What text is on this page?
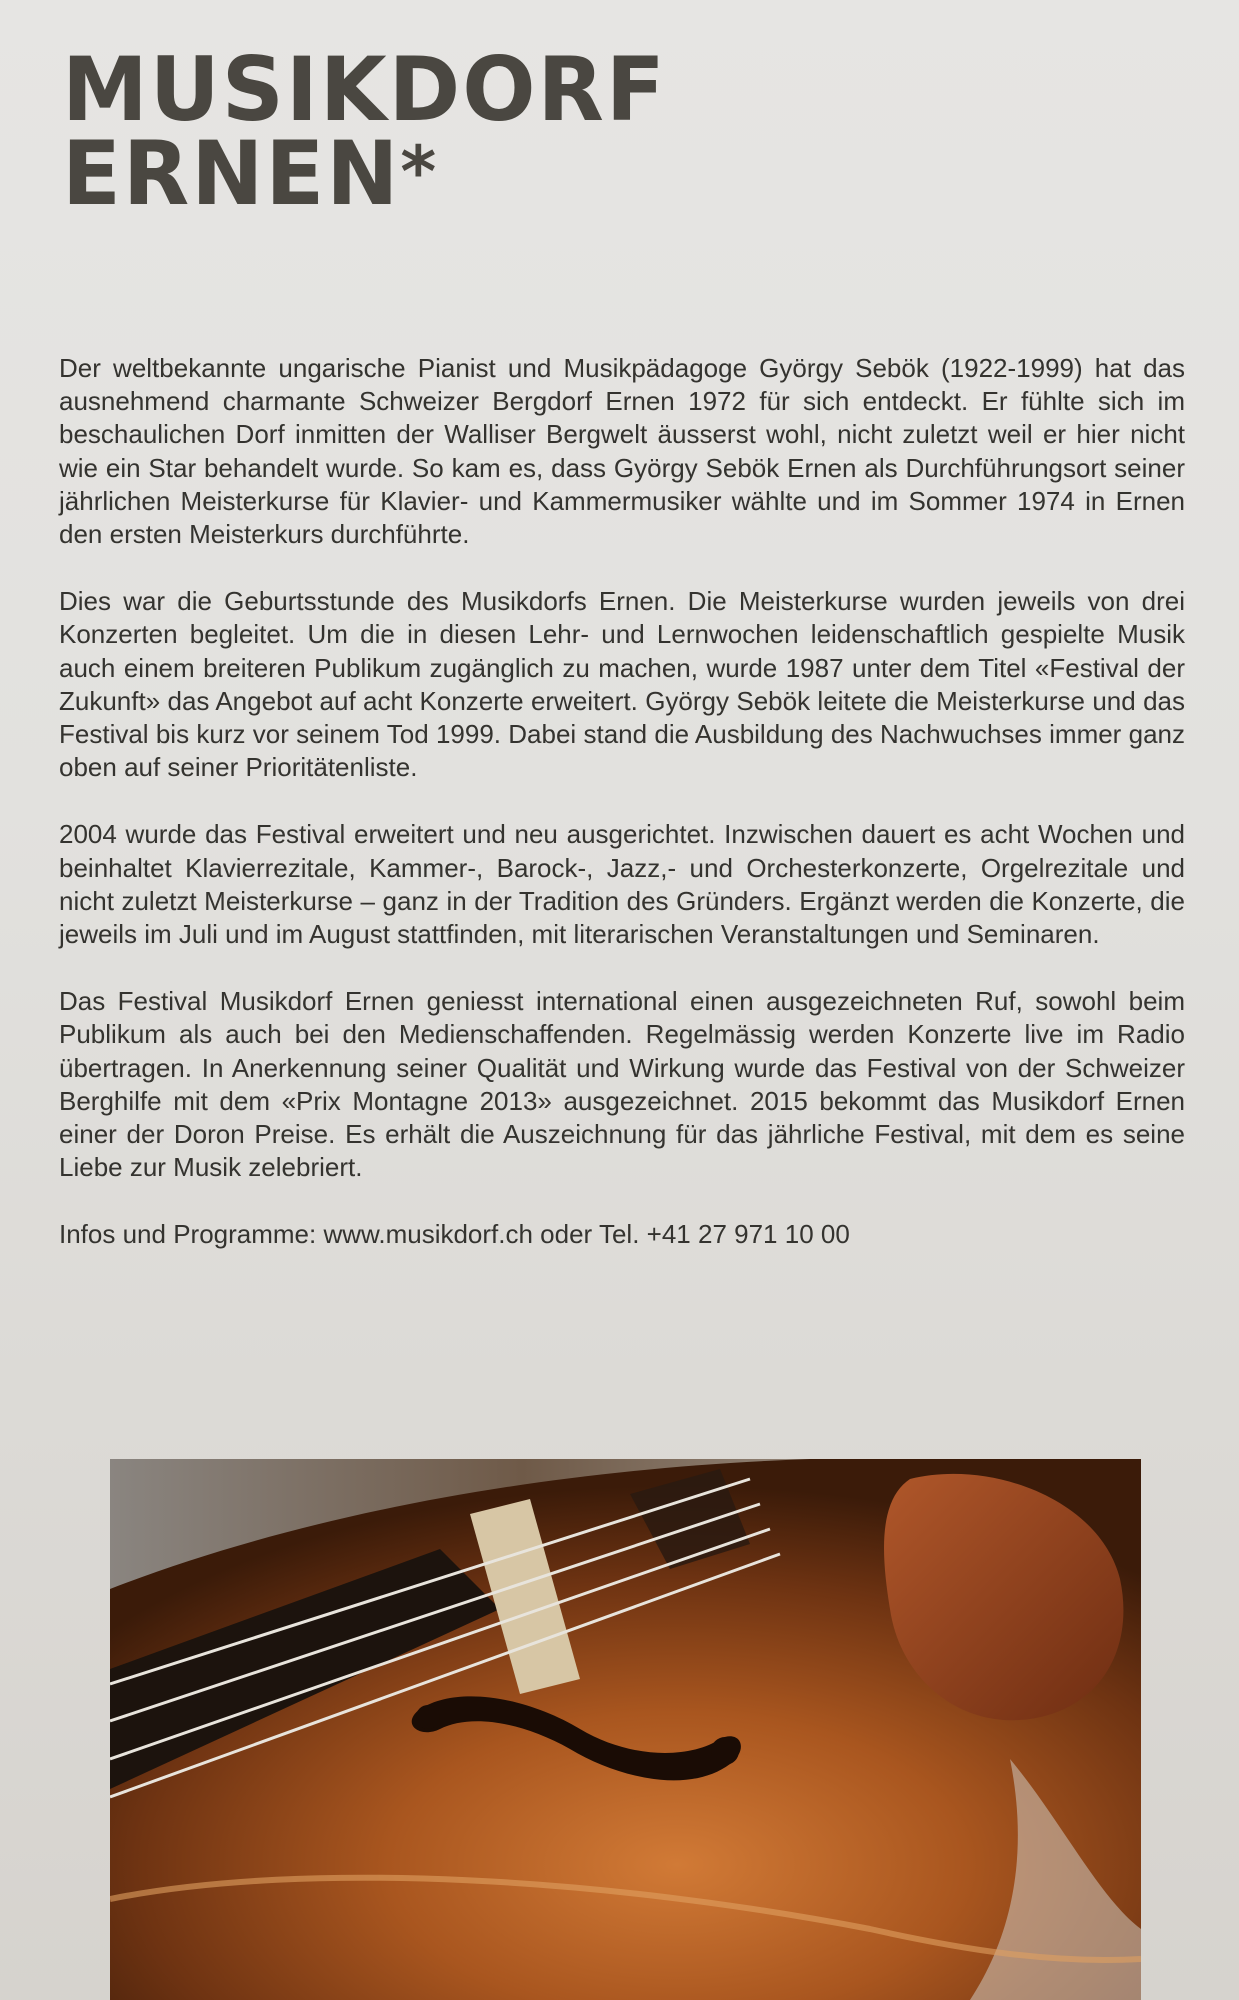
MUSIKDORF
ERNEN*

Der weltbekannte ungarische Pianist und Musikpädagoge György Sebök (1922-1999) hat das ausnehmend charmante Schweizer Bergdorf Ernen 1972 für sich entdeckt. Er fühlte sich im beschaulichen Dorf inmitten der Walliser Bergwelt äusserst wohl, nicht zuletzt weil er hier nicht wie ein Star behandelt wurde. So kam es, dass György Sebök Ernen als Durchführungsort seiner jährlichen Meisterkurse für Klavier- und Kammermusiker wählte und im Sommer 1974 in Ernen den ersten Meisterkurs durchführte.

Dies war die Geburtsstunde des Musikdorfs Ernen. Die Meisterkurse wurden jeweils von drei Konzerten begleitet. Um die in diesen Lehr- und Lernwochen leidenschaftlich gespielte Musik auch einem breiteren Publikum zugänglich zu machen, wurde 1987 unter dem Titel «Festival der Zukunft» das Angebot auf acht Konzerte erweitert. György Sebök leitete die Meisterkurse und das Festival bis kurz vor seinem Tod 1999. Dabei stand die Ausbildung des Nachwuchses immer ganz oben auf seiner Prioritätenliste.

2004 wurde das Festival erweitert und neu ausgerichtet. Inzwischen dauert es acht Wochen und beinhaltet Klavierrezitale, Kammer-, Barock-, Jazz,- und Orchesterkonzerte, Orgelrezitale und nicht zuletzt Meisterkurse – ganz in der Tradition des Gründers. Ergänzt werden die Konzerte, die jeweils im Juli und im August stattfinden, mit literarischen Veranstaltungen und Seminaren.

Das Festival Musikdorf Ernen geniesst international einen ausgezeichneten Ruf, sowohl beim Publikum als auch bei den Medienschaffenden. Regelmässig werden Konzerte live im Radio übertragen. In Anerkennung seiner Qualität und Wirkung wurde das Festival von der Schweizer Berghilfe mit dem «Prix Montagne 2013» ausgezeichnet. 2015 bekommt das Musikdorf Ernen einer der Doron Preise. Es erhält die Auszeichnung für das jährliche Festival, mit dem es seine Liebe zur Musik zelebriert.

Infos und Programme: www.musikdorf.ch oder Tel. +41 27 971 10 00
